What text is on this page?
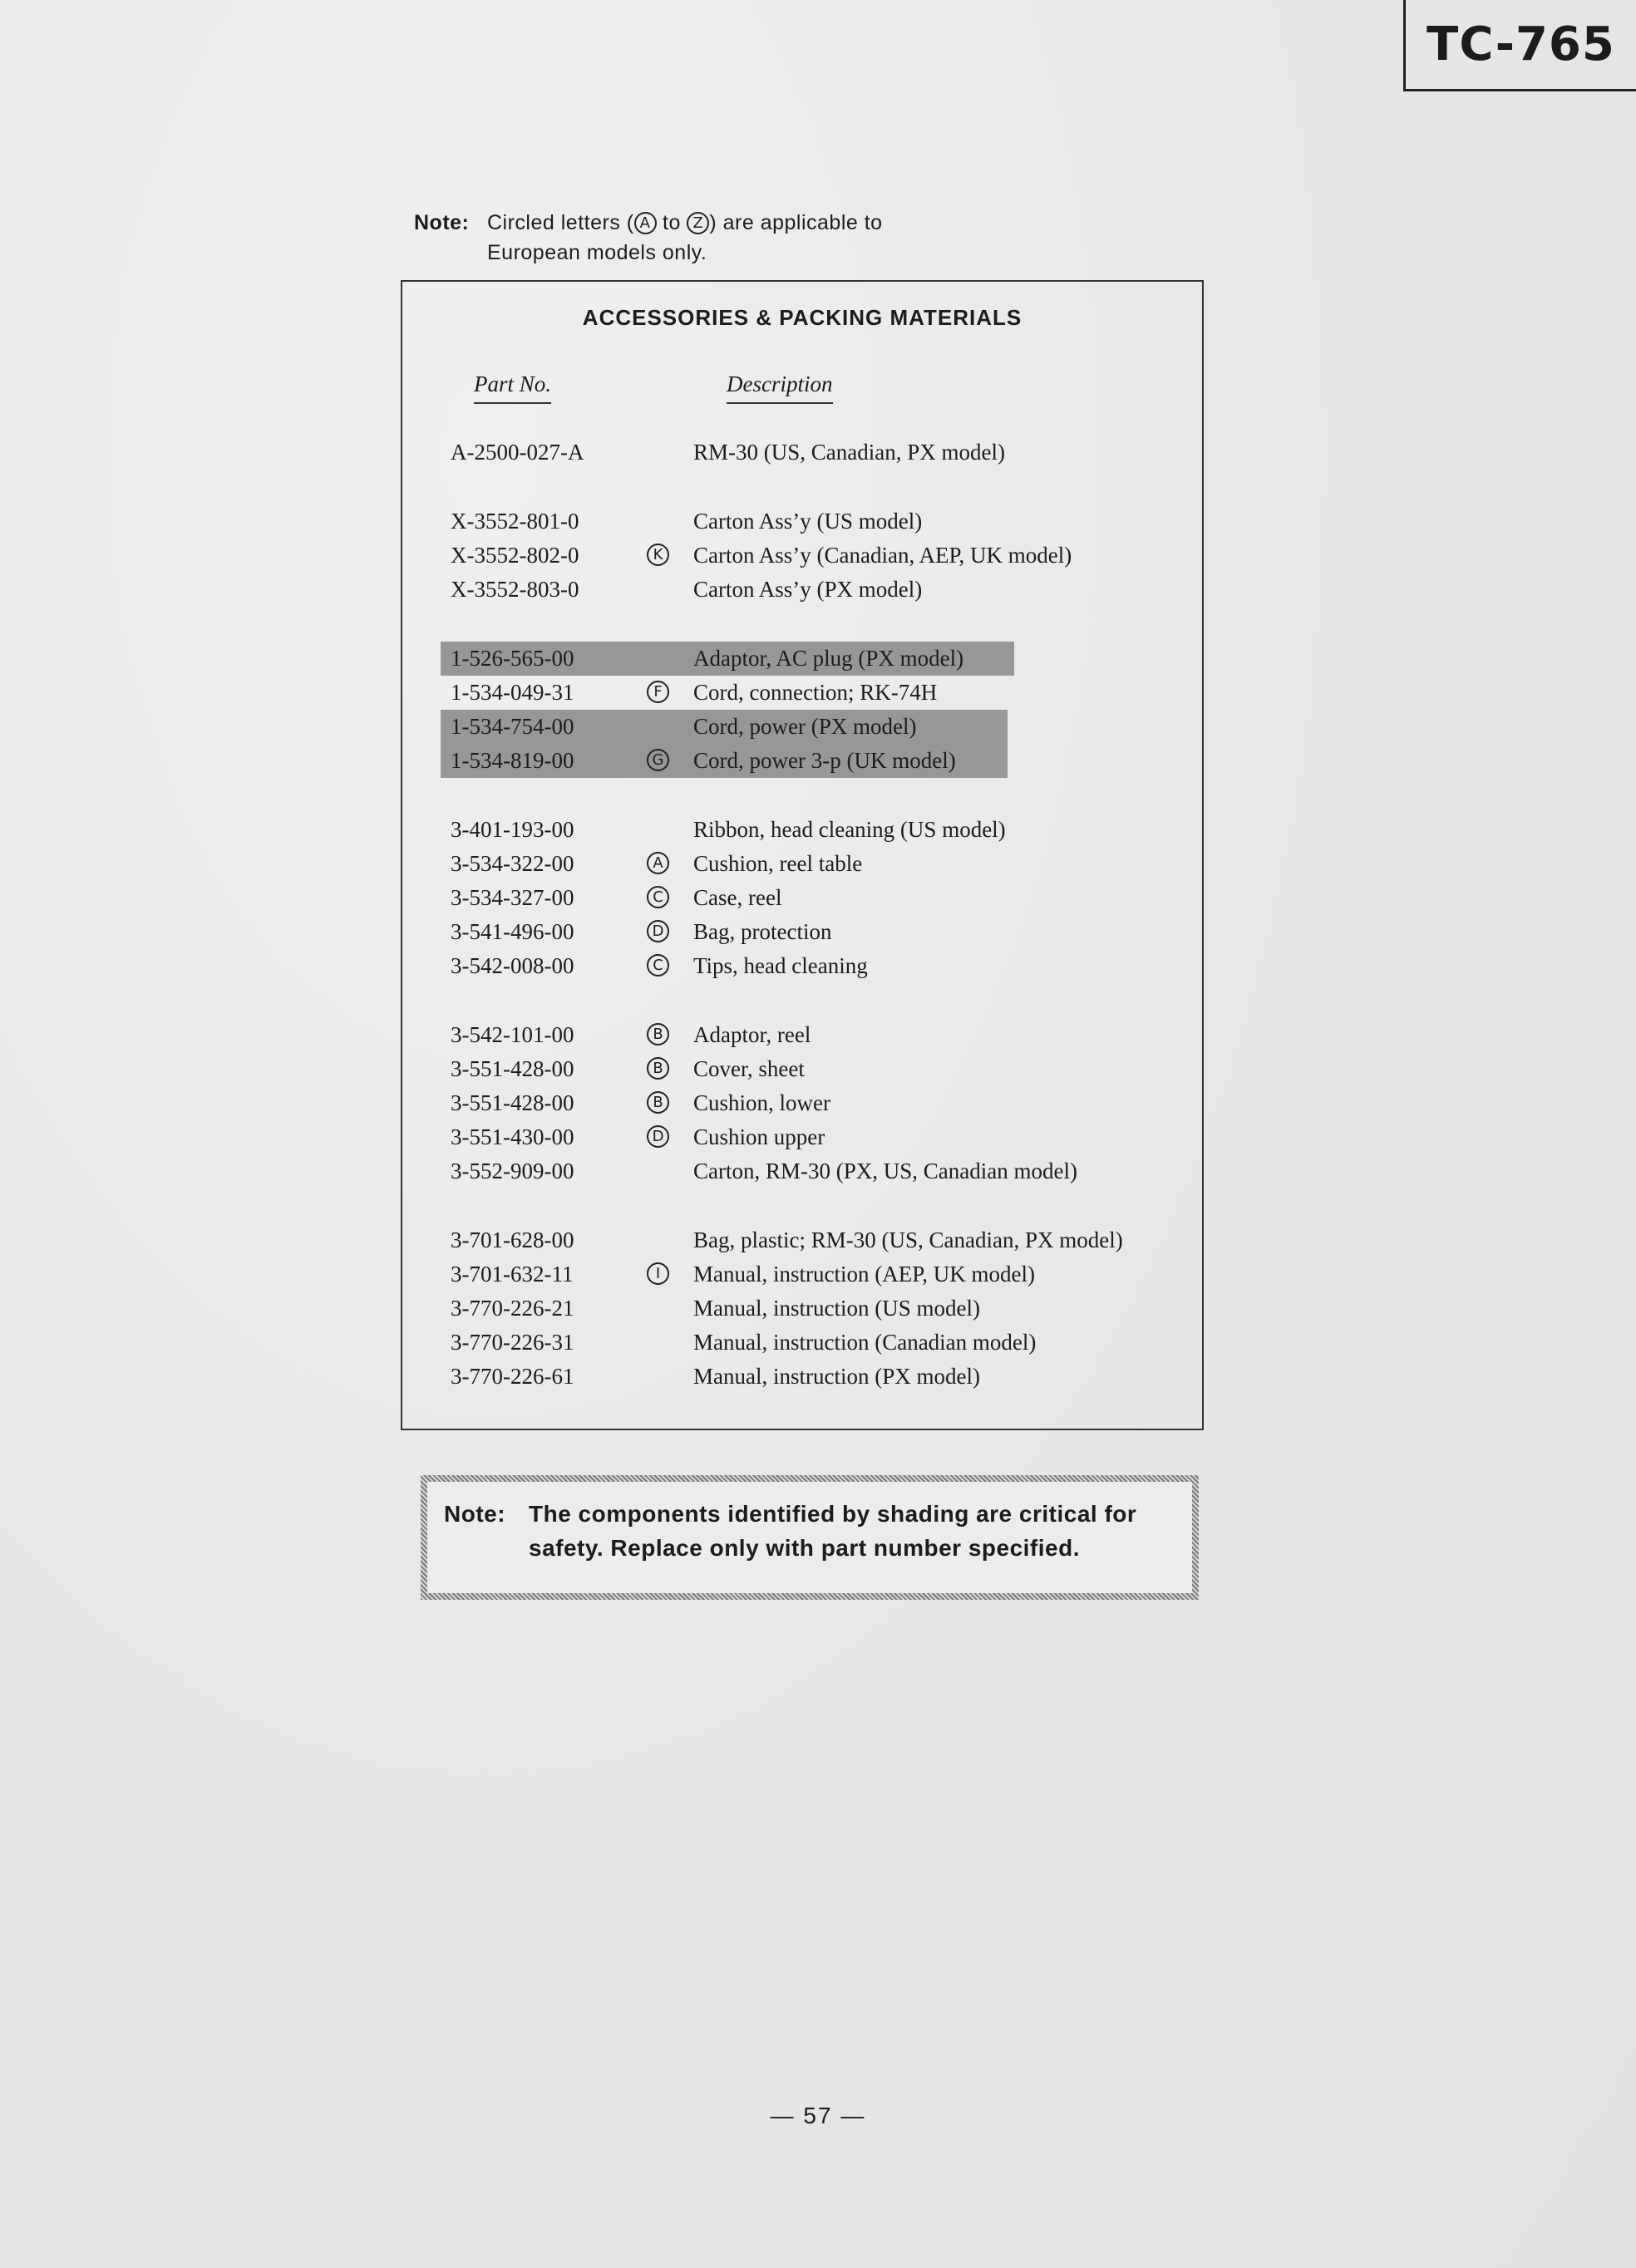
TC-765
Note: Circled letters ( A to Z ) are applicable to
European models only.
ACCESSORIES & PACKING MATERIALS
Part No.	Description
A-2500-027-A	RM-30 (US, Canadian, PX model)
X-3552-801-0	Carton Ass’y (US model)
X-3552-802-0	K Carton Ass’y (Canadian, AEP, UK model)
X-3552-803-0	Carton Ass’y (PX model)
1-526-565-00	Adaptor, AC plug (PX model)
1-534-049-31	F	Cord, connection; RK-74H
1-534-754-00	Cord, power (PX model)
1-534-819-00	G Cord, power 3-p (UK model)
3-401-193-00	Ribbon, head cleaning (US model)
3-534-322-00	A Cushion, reel table
3-534-327-00	C Case, reel
3-541-496-00	D Bag, protection
3-542-008-00	C Tips, head cleaning
3-542-101-00	B Adaptor, reel
3-551-428-00	B Cover, sheet
3-551-428-00	B Cushion, lower
3-551-430-00	D Cushion upper
3-552-909-00	Carton, RM-30 (PX, US, Canadian model)
3-701-628-00	Bag, plastic; RM-30 (US, Canadian, PX model)
3-701-632-11	I	Manual, instruction (AEP, UK model)
3-770-226-21	Manual, instruction (US model)
3-770-226-31	Manual, instruction (Canadian model)
3-770-226-61	Manual, instruction (PX model)
Note: The components identified by shading are critical for
safety. Replace only with part number specified.
— 57 —
